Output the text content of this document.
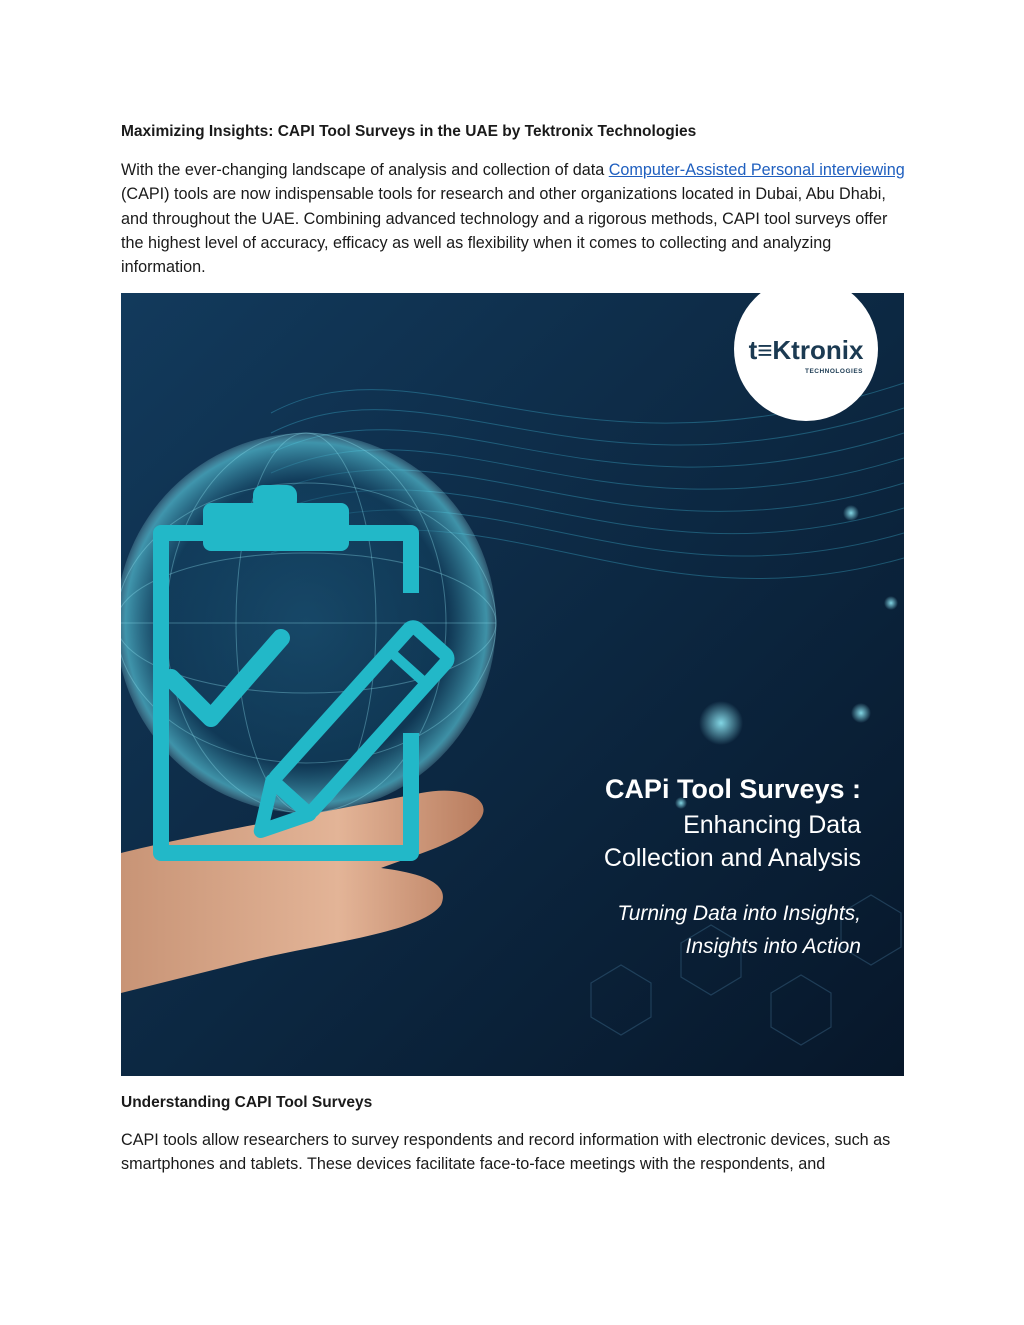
Maximizing Insights: CAPI Tool Surveys in the UAE by Tektronix Technologies

With the ever-changing landscape of analysis and collection of data Computer-Assisted Personal interviewing (CAPI) tools are now indispensable tools for research and other organizations located in Dubai, Abu Dhabi, and throughout the UAE. Combining advanced technology and a rigorous methods, CAPI tool surveys offer the highest level of accuracy, efficacy as well as flexibility when it comes to collecting and analyzing information.

t≡Ktronix
TECHNOLOGIES
CAPi Tool Surveys :
Enhancing Data
Collection and Analysis
Turning Data into Insights,
Insights into Action
Understanding CAPI Tool Surveys

CAPI tools allow researchers to survey respondents and record information with electronic devices, such as smartphones and tablets. These devices facilitate face-to-face meetings with the respondents, and
